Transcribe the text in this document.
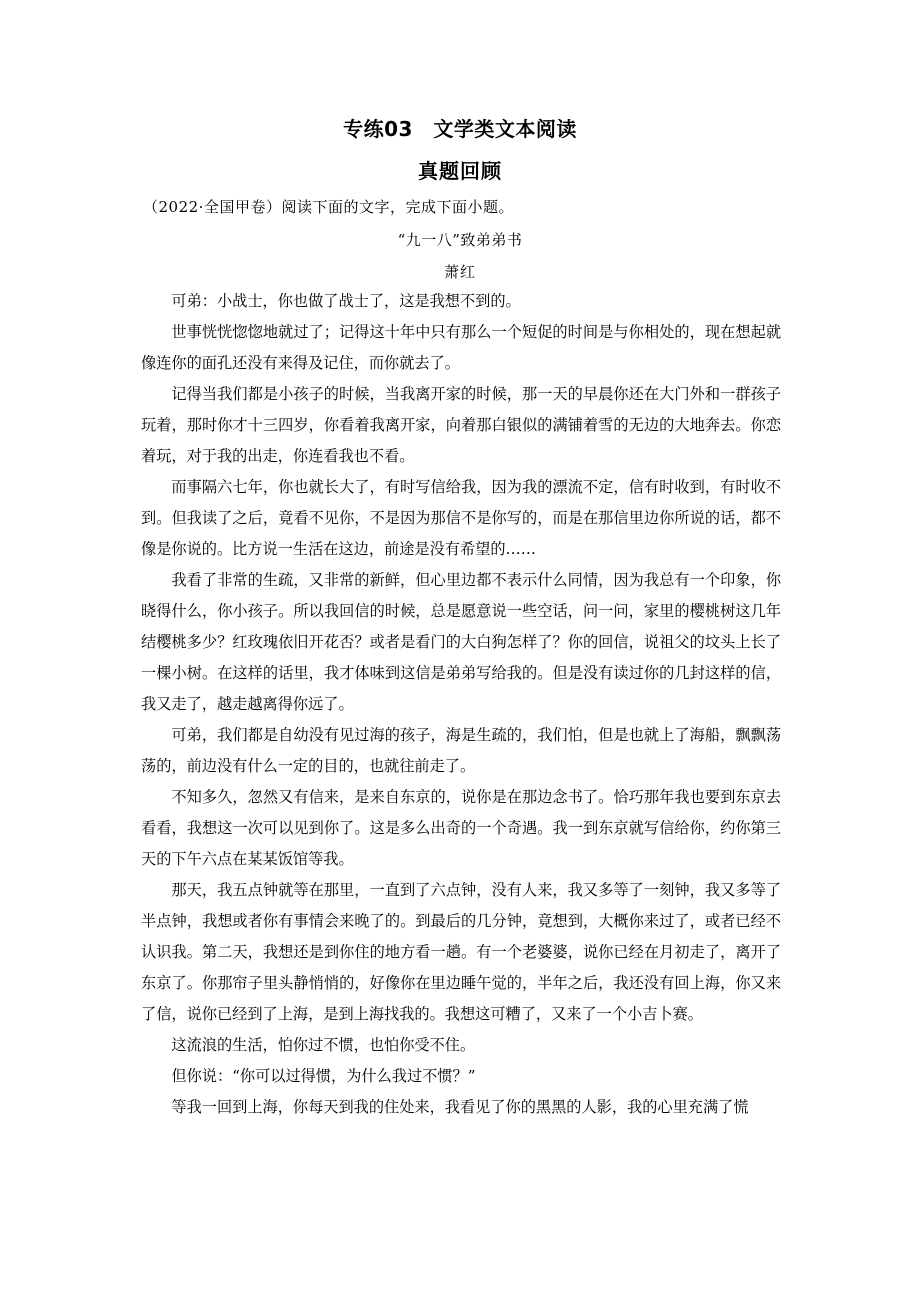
专练03　文学类文本阅读
真题回顾
（2022·全国甲卷）阅读下面的文字，完成下面小题。
“九一八”致弟弟书
萧红

可弟：小战士，你也做了战士了，这是我想不到的。

世事恍恍惚惚地就过了；记得这十年中只有那么一个短促的时间是与你相处的，现在想起就像连你的面孔还没有来得及记住，而你就去了。

记得当我们都是小孩子的时候，当我离开家的时候，那一天的早晨你还在大门外和一群孩子玩着，那时你才十三四岁，你看着我离开家，向着那白银似的满铺着雪的无边的大地奔去。你恋着玩，对于我的出走，你连看我也不看。

而事隔六七年，你也就长大了，有时写信给我，因为我的漂流不定，信有时收到，有时收不到。但我读了之后，竟看不见你，不是因为那信不是你写的，而是在那信里边你所说的话，都不像是你说的。比方说一生活在这边，前途是没有希望的……

我看了非常的生疏，又非常的新鲜，但心里边都不表示什么同情，因为我总有一个印象，你晓得什么，你小孩子。所以我回信的时候，总是愿意说一些空话，问一问，家里的樱桃树这几年结樱桃多少？红玫瑰依旧开花否？或者是看门的大白狗怎样了？你的回信，说祖父的坟头上长了一棵小树。在这样的话里，我才体味到这信是弟弟写给我的。但是没有读过你的几封这样的信，我又走了，越走越离得你远了。

可弟，我们都是自幼没有见过海的孩子，海是生疏的，我们怕，但是也就上了海船，飘飘荡荡的，前边没有什么一定的目的，也就往前走了。

不知多久，忽然又有信来，是来自东京的，说你是在那边念书了。恰巧那年我也要到东京去看看，我想这一次可以见到你了。这是多么出奇的一个奇遇。我一到东京就写信给你，约你第三天的下午六点在某某饭馆等我。

那天，我五点钟就等在那里，一直到了六点钟，没有人来，我又多等了一刻钟，我又多等了半点钟，我想或者你有事情会来晚了的。到最后的几分钟，竟想到，大概你来过了，或者已经不认识我。第二天，我想还是到你住的地方看一趟。有一个老婆婆，说你已经在月初走了，离开了东京了。你那帘子里头静悄悄的，好像你在里边睡午觉的，半年之后，我还没有回上海，你又来了信，说你已经到了上海，是到上海找我的。我想这可糟了，又来了一个小吉卜赛。

这流浪的生活，怕你过不惯，也怕你受不住。

但你说：“你可以过得惯，为什么我过不惯？”

等我一回到上海，你每天到我的住处来，我看见了你的黑黑的人影，我的心里充满了慌
